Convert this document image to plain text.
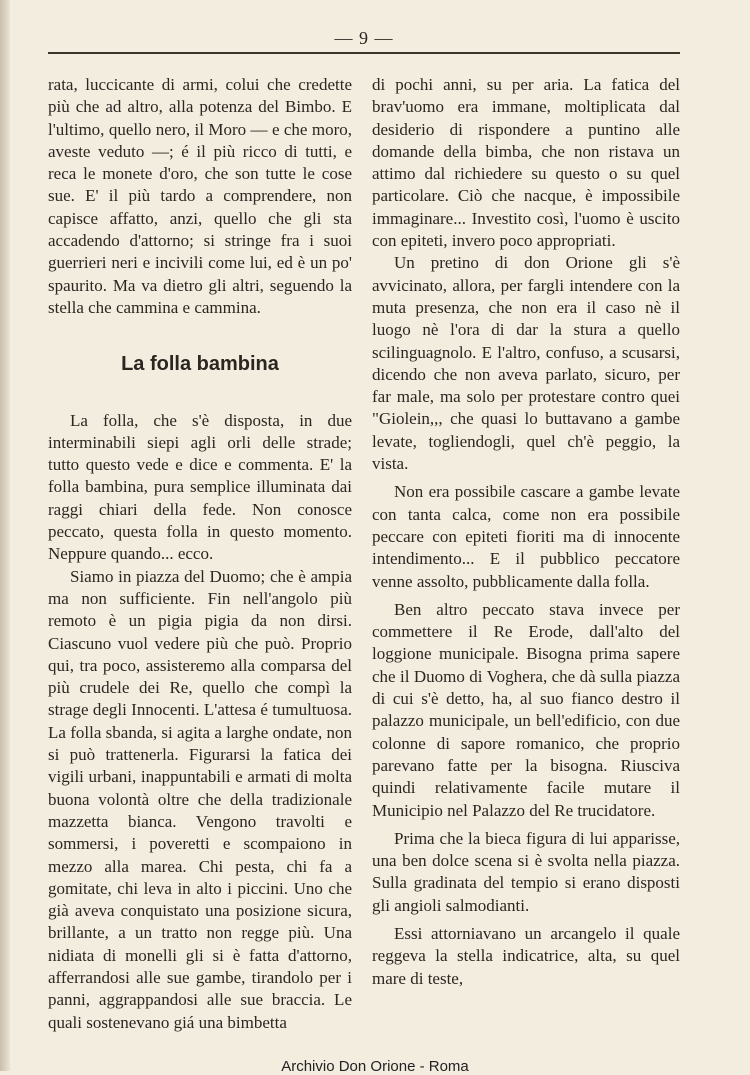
— 9 —

rata, luccicante di armi, colui che credette più che ad altro, alla potenza del Bimbo. E l'ultimo, quello nero, il Moro — e che moro, aveste veduto —; é il più ricco di tutti, e reca le monete d'oro, che son tutte le cose sue. E' il più tardo a comprendere, non capisce affatto, anzi, quello che gli sta accadendo d'attorno; si stringe fra i suoi guerrieri neri e incivili come lui, ed è un po' spaurito. Ma va dietro gli altri, seguendo la stella che cammina e cammina.

La folla bambina

La folla, che s'è disposta, in due interminabili siepi agli orli delle strade; tutto questo vede e dice e commenta. E' la folla bambina, pura semplice illuminata dai raggi chiari della fede. Non conosce peccato, questa folla in questo momento. Neppure quando... ecco.

Siamo in piazza del Duomo; che è ampia ma non sufficiente. Fin nell'angolo più remoto è un pigia pigia da non dirsi. Ciascuno vuol vedere più che può. Proprio qui, tra poco, assisteremo alla comparsa del più crudele dei Re, quello che compì la strage degli Innocenti. L'attesa é tumultuosa. La folla sbanda, si agita a larghe ondate, non si può trattenerla. Figurarsi la fatica dei vigili urbani, inappuntabili e armati di molta buona volontà oltre che della tradizionale mazzetta bianca. Vengono travolti e sommersi, i poveretti e scompaiono in mezzo alla marea. Chi pesta, chi fa a gomitate, chi leva in alto i piccini. Uno che già aveva conquistato una posizione sicura, brillante, a un tratto non regge più. Una nidiata di monelli gli si è fatta d'attorno, afferrandosi alle sue gambe, tirandolo per i panni, aggrappandosi alle sue braccia. Le quali sostenevano giá una bimbetta

di pochi anni, su per aria. La fatica del brav'uomo era immane, moltiplicata dal desiderio di rispondere a puntino alle domande della bimba, che non ristava un attimo dal richiedere su questo o su quel particolare. Ciò che nacque, è impossibile immaginare... Investito così, l'uomo è uscito con epiteti, invero poco appropriati.

Un pretino di don Orione gli s'è avvicinato, allora, per fargli intendere con la muta presenza, che non era il caso nè il luogo nè l'ora di dar la stura a quello scilinguagnolo. E l'altro, confuso, a scusarsi, dicendo che non aveva parlato, sicuro, per far male, ma solo per protestare contro quei "Giolein,,, che quasi lo buttavano a gambe levate, togliendogli, quel ch'è peggio, la vista.

Non era possibile cascare a gambe levate con tanta calca, come non era possibile peccare con epiteti fioriti ma di innocente intendimento... E il pubblico peccatore venne assolto, pubblicamente dalla folla.

Ben altro peccato stava invece per commettere il Re Erode, dall'alto del loggione municipale. Bisogna prima sapere che il Duomo di Voghera, che dà sulla piazza di cui s'è detto, ha, al suo fianco destro il palazzo municipale, un bell'edificio, con due colonne di sapore romanico, che proprio parevano fatte per la bisogna. Riusciva quindi relativamente facile mutare il Municipio nel Palazzo del Re trucidatore.

Prima che la bieca figura di lui apparisse, una ben dolce scena si è svolta nella piazza. Sulla gradinata del tempio si erano disposti gli angioli salmodianti.

Essi attorniavano un arcangelo il quale reggeva la stella indicatrice, alta, su quel mare di teste,

Archivio Don Orione - Roma
